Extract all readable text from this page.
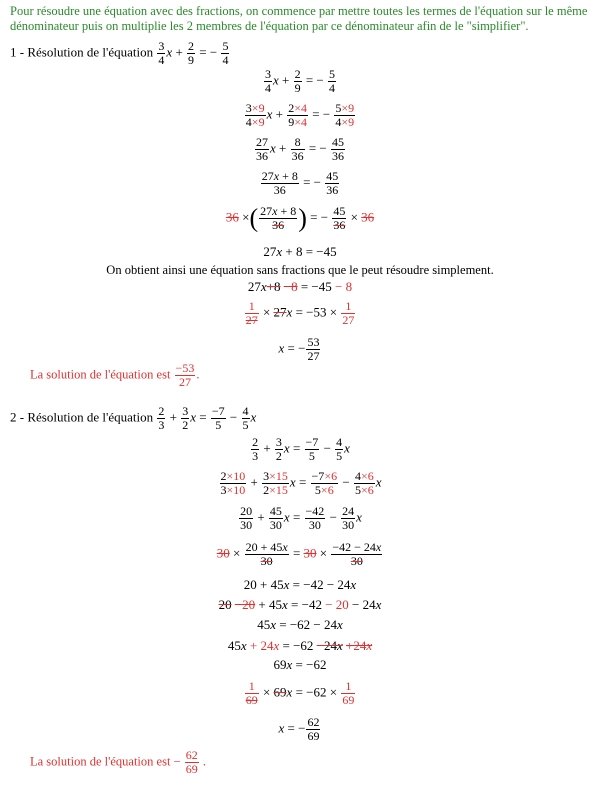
Pour résoudre une équation avec des fractions, on commence par mettre toutes les termes de l'équation sur le même dénominateur puis on multiplie les 2 membres de l'équation par ce dénominateur afin de le "simplifier".
1 - Résolution de l'équation $\frac{3}{4}$ $x + \frac{2}{9}$ = − $\frac{5}{4}$
$\frac{3}{4}$ $x + \frac{2}{9}$ = − $\frac{5}{4}$
$\frac{3\times 9}{4\times 9}$ $x + \frac{2\times 4}{9\times 4}$ = − $\frac{5\times 9}{4\times 9}$
$\frac{27}{36}$ $x + \frac{8}{36}$ = − $\frac{45}{36}$
$\frac{27x + 8}{36}$ = − $\frac{45}{36}$
36 ×( $\frac{27x + 8}{36}$ ) = − $\frac{45}{36} \times 36$
27x + 8 = −45
On obtient ainsi une équation sans fractions que le peut résoudre simplement.
27x+8 −8 = −45 − 8
$\frac{1}{27} \times 27x = -53 \times \frac{1}{27}$
x = − $\frac{53}{27}$
La solution de l'équation est $\frac{-53}{27}$ .
2 - Résolution de l'équation $\frac{2}{3} + \frac{3}{2}$ $x = \frac{-7}{5} - \frac{4}{5}$ x
$\frac{2}{3} + \frac{3}{2}$ $x = \frac{-7}{5} - \frac{4}{5}$ x
$\frac{2\times 10}{3\times 10} + \frac{3\times 15}{2\times 15}$ $x = \frac{-7\times 6}{5\times 6} - \frac{4\times 6}{5\times 6}$ x
$\frac{20}{30} + \frac{45}{30}$ $x = \frac{-42}{30} - \frac{24}{30}$ x
$30 \times \frac{20 + 45x}{30} = 30 \times \frac{-42 - 24x}{30}$
20 + 45x = −42 − 24x
20 −20 + 45x = −42 − 20 − 24x
45x = −62 − 24x
45x + 24x = −62 −24x +24x
69x = −62
$\frac{1}{69} \times 69x = -62 \times \frac{1}{69}$
x = − $\frac{62}{69}$
La solution de l'équation est − $\frac{62}{69}$ .
